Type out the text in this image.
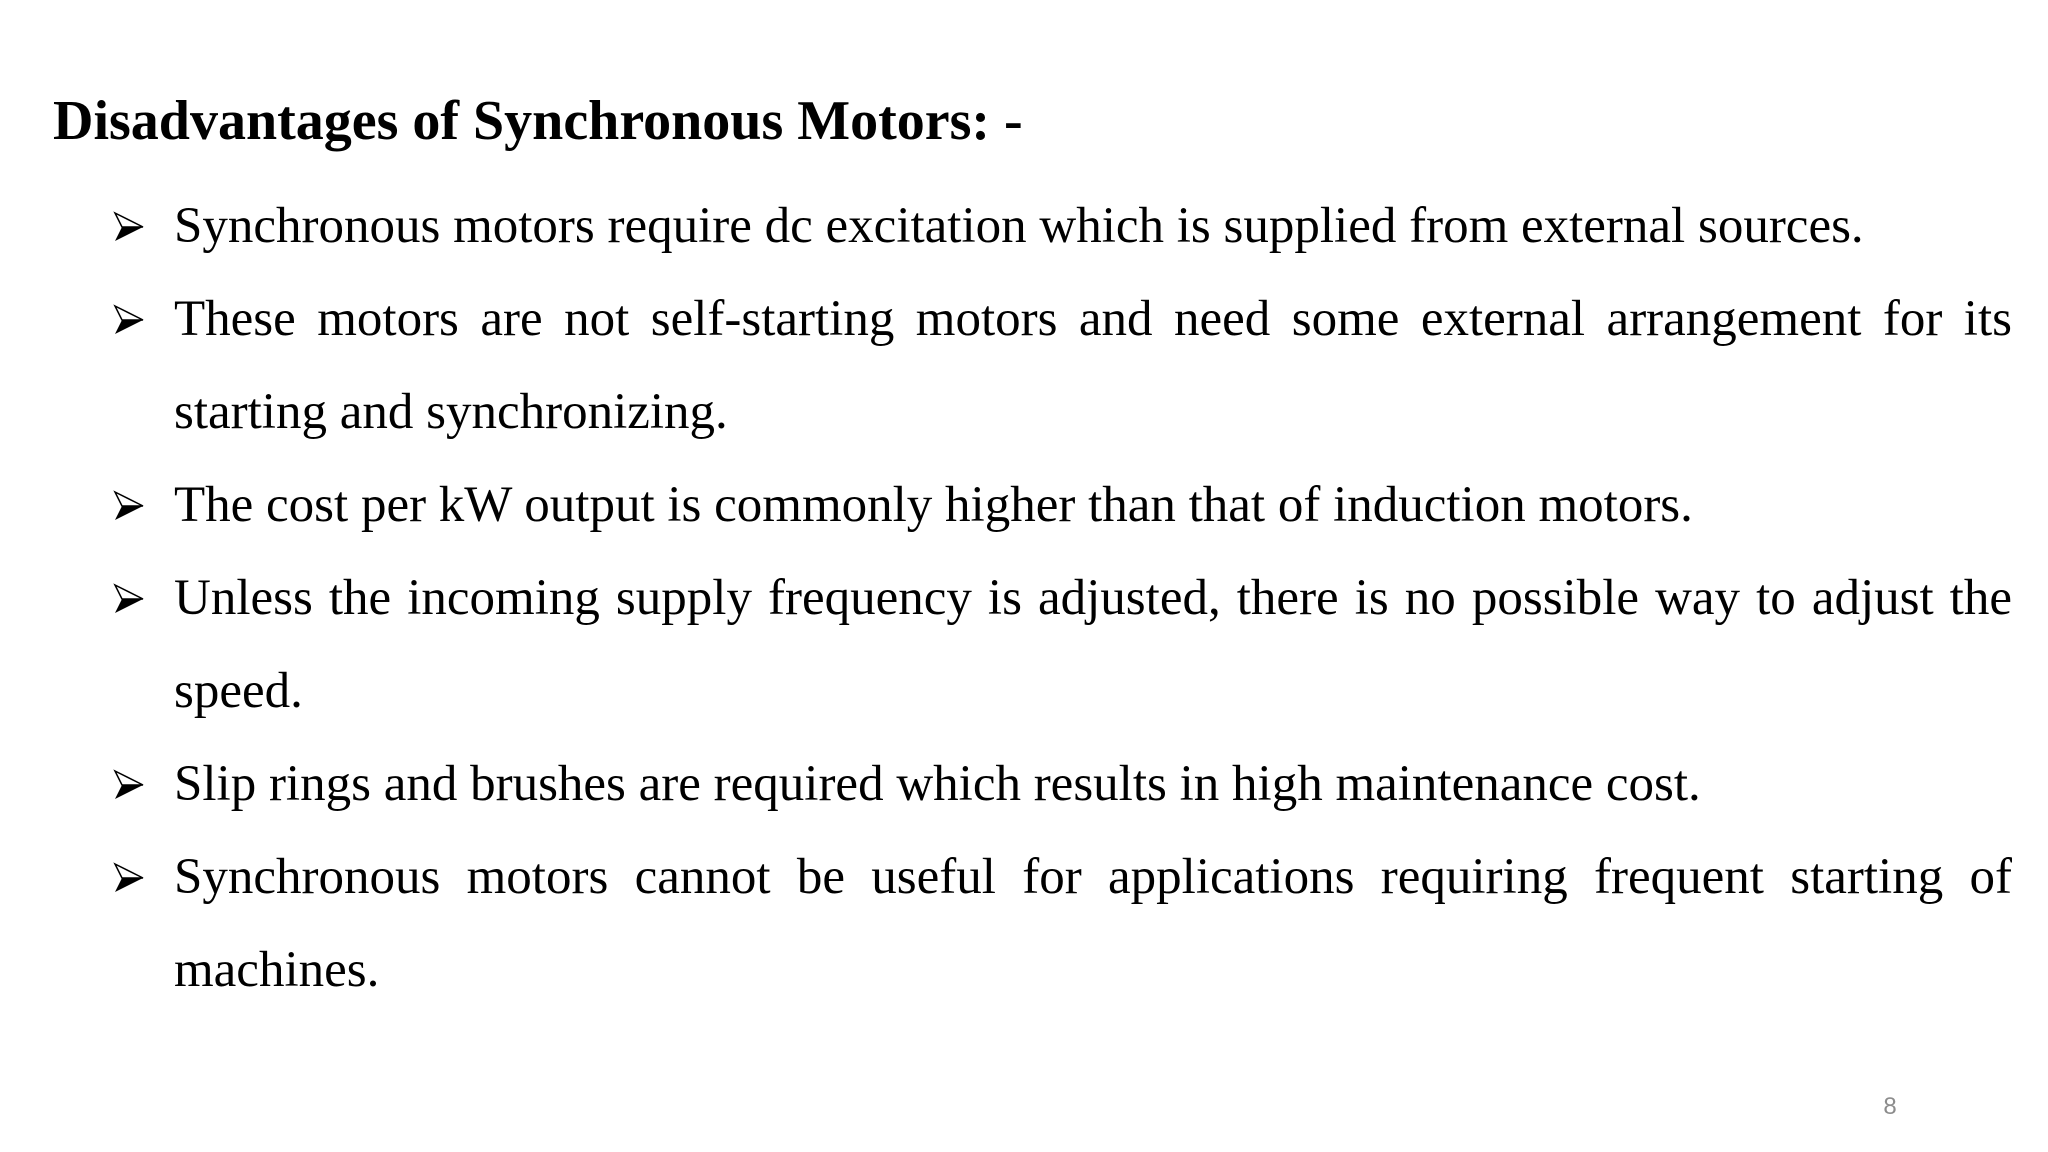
Disadvantages of Synchronous Motors: -
Synchronous motors require dc excitation which is supplied from external sources.
These motors are not self-starting motors and need some external arrangement for its starting and synchronizing.
The cost per kW output is commonly higher than that of induction motors.
Unless the incoming supply frequency is adjusted, there is no possible way to adjust the speed.
Slip rings and brushes are required which results in high maintenance cost.
Synchronous motors cannot be useful for applications requiring frequent starting of machines.
8
